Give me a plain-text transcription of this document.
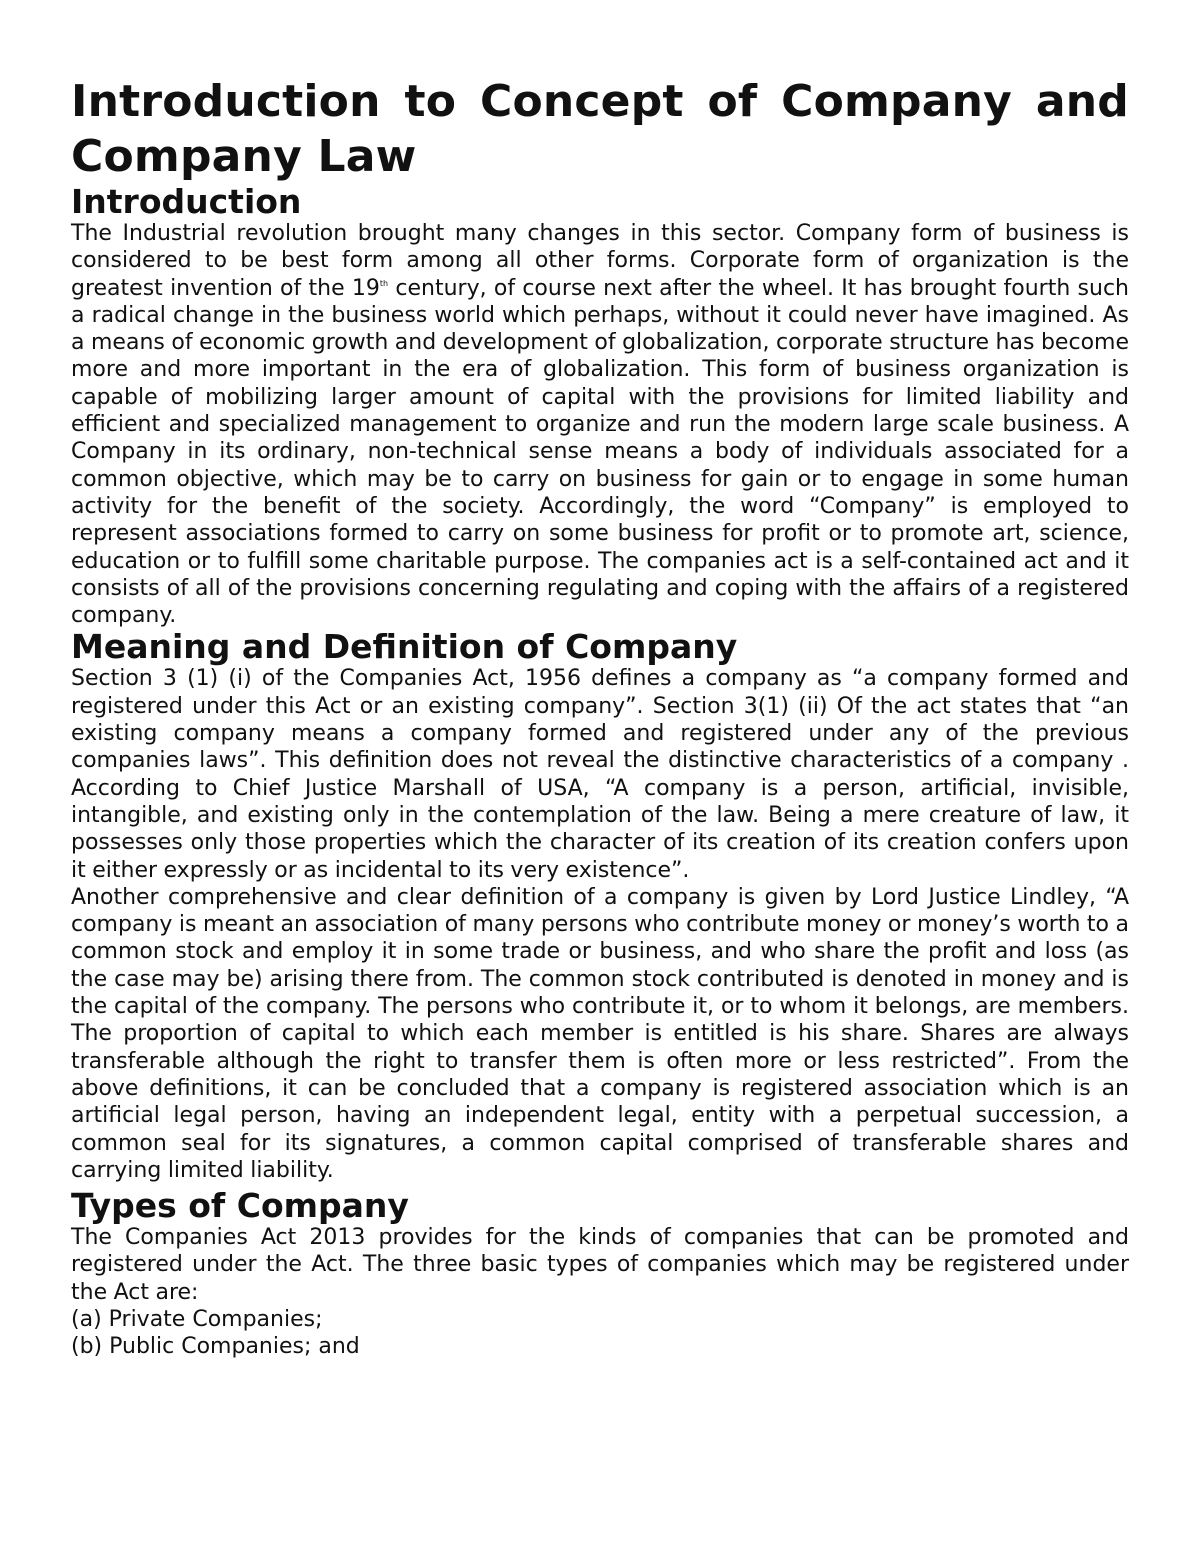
Introduction to Concept of Company and Company Law
Introduction

The Industrial revolution brought many changes in this sector. Company form of business is considered to be best form among all other forms. Corporate form of organization is the greatest invention of the 19th century, of course next after the wheel. It has brought fourth such a radical change in the business world which perhaps, without it could never have imagined. As a means of economic growth and development of globalization, corporate structure has become more and more important in the era of globalization. This form of business organization is capable of mobilizing larger amount of capital with the provisions for limited liability and efficient and specialized management to organize and run the modern large scale business. A Company in its ordinary, non-technical sense means a body of individuals associated for a common objective, which may be to carry on business for gain or to engage in some human activity for the benefit of the society. Accordingly, the word “Company” is employed to represent associations formed to carry on some business for profit or to promote art, science, education or to fulfill some charitable purpose. The companies act is a self-contained act and it consists of all of the provisions concerning regulating and coping with the affairs of a registered company.

Meaning and Definition of Company

Section 3 (1) (i) of the Companies Act, 1956 defines a company as “a company formed and registered under this Act or an existing company”. Section 3(1) (ii) Of the act states that “an existing company means a company formed and registered under any of the previous companies laws”. This definition does not reveal the distinctive characteristics of a company . According to Chief Justice Marshall of USA, “A company is a person, artificial, invisible, intangible, and existing only in the contemplation of the law. Being a mere creature of law, it possesses only those properties which the character of its creation of its creation confers upon it either expressly or as incidental to its very existence”.

Another comprehensive and clear definition of a company is given by Lord Justice Lindley, “A company is meant an association of many persons who contribute money or money’s worth to a common stock and employ it in some trade or business, and who share the profit and loss (as the case may be) arising there from. The common stock contributed is denoted in money and is the capital of the company. The persons who contribute it, or to whom it belongs, are members. The proportion of capital to which each member is entitled is his share. Shares are always transferable although the right to transfer them is often more or less restricted”. From the above definitions, it can be concluded that a company is registered association which is an artificial legal person, having an independent legal, entity with a perpetual succession, a common seal for its signatures, a common capital comprised of transferable shares and carrying limited liability.

Types of Company

The Companies Act 2013 provides for the kinds of companies that can be promoted and registered under the Act. The three basic types of companies which may be registered under the Act are:

(a) Private Companies;

(b) Public Companies; and
